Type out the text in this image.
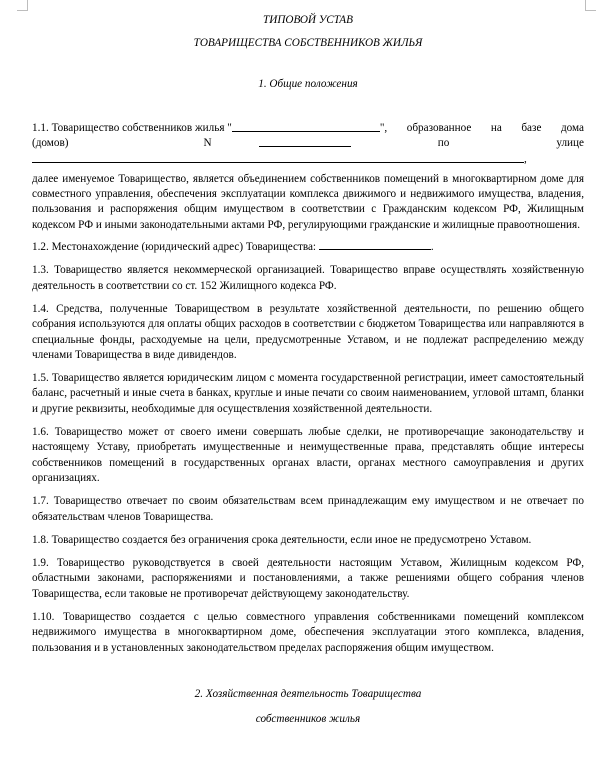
ТИПОВОЙ УСТАВ

ТОВАРИЩЕСТВА СОБСТВЕННИКОВ ЖИЛЬЯ

1. Общие положения

1.1. Товарищество собственников жилья "	", образованное на базе дома
(домов)	N	по	улице
,

далее именуемое Товарищество, является объединением собственников помещений в многоквартирном доме для совместного управления, обеспечения эксплуатации комплекса движимого и недвижимого имущества, владения, пользования и распоряжения общим имуществом в соответствии с Гражданским кодексом РФ, Жилищным кодексом РФ и иными законодательными актами РФ, регулирующими гражданские и жилищные правоотношения.

1.2. Местонахождение (юридический адрес) Товарищества:	.

1.3. Товарищество является некоммерческой организацией. Товарищество вправе осуществлять хозяйственную деятельность в соответствии со ст. 152 Жилищного кодекса РФ.

1.4. Средства, полученные Товариществом в результате хозяйственной деятельности, по решению общего собрания используются для оплаты общих расходов в соответствии с бюджетом Товарищества или направляются в специальные фонды, расходуемые на цели, предусмотренные Уставом, и не подлежат распределению между членами Товарищества в виде дивидендов.

1.5. Товарищество является юридическим лицом с момента государственной регистрации, имеет самостоятельный баланс, расчетный и иные счета в банках, круглые и иные печати со своим наименованием, угловой штамп, бланки и другие реквизиты, необходимые для осуществления хозяйственной деятельности.

1.6. Товарищество может от своего имени совершать любые сделки, не противоречащие законодательству и настоящему Уставу, приобретать имущественные и неимущественные права, представлять общие интересы собственников помещений в государственных органах власти, органах местного самоуправления и других организациях.

1.7. Товарищество отвечает по своим обязательствам всем принадлежащим ему имуществом и не отвечает по обязательствам членов Товарищества.

1.8. Товарищество создается без ограничения срока деятельности, если иное не предусмотрено Уставом.

1.9. Товарищество руководствуется в своей деятельности настоящим Уставом, Жилищным кодексом РФ, областными законами, распоряжениями и постановлениями, а также решениями общего собрания членов Товарищества, если таковые не противоречат действующему законодательству.

1.10. Товарищество создается с целью совместного управления собственниками помещений комплексом недвижимого имущества в многоквартирном доме, обеспечения эксплуатации этого комплекса, владения, пользования и в установленных законодательством пределах распоряжения общим имуществом.

2. Хозяйственная деятельность Товарищества

собственников жилья
